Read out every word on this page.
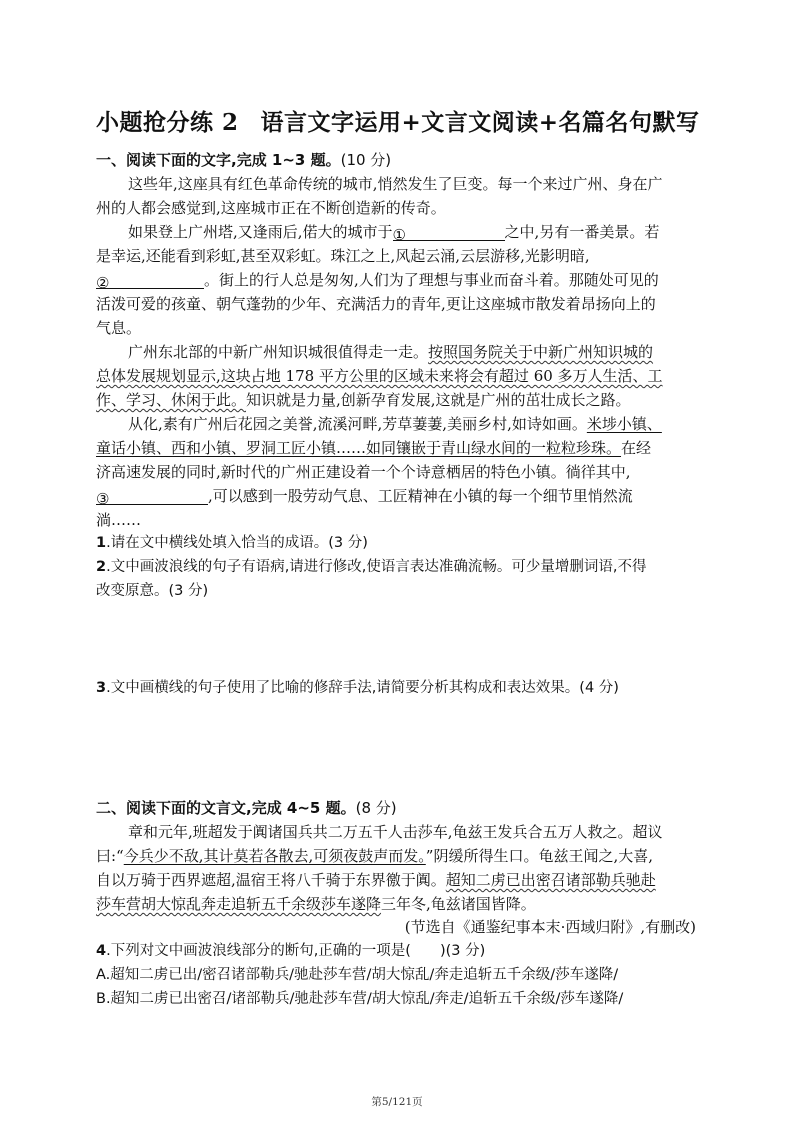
小题抢分练 2 语言文字运用+文言文阅读+名篇名句默写
一、阅读下面的文字,完成 1~3 题。(10 分)
这些年,这座具有红色革命传统的城市,悄然发生了巨变。每一个来过广州、身在广
州的人都会感觉到,这座城市正在不断创造新的传奇。
如果登上广州塔,又逢雨后,偌大的城市于①	之中,另有一番美景。若
是幸运,还能看到彩虹,甚至双彩虹。珠江之上,风起云涌,云层游移,光影明暗,
②	。街上的行人总是匆匆,人们为了理想与事业而奋斗着。那随处可见的
活泼可爱的孩童、朝气蓬勃的少年、充满活力的青年,更让这座城市散发着昂扬向上的
气息。
广州东北部的中新广州知识城很值得走一走。按照国务院关于中新广州知识城的
总体发展规划显示,这块占地 178 平方公里的区域未来将会有超过 60 多万人生活、工
作、学习、休闲于此。知识就是力量,创新孕育发展,这就是广州的茁壮成长之路。
从化,素有广州后花园之美誉,流溪河畔,芳草萋萋,美丽乡村,如诗如画。米埗小镇、
童话小镇、西和小镇、罗洞工匠小镇……如同镶嵌于青山绿水间的一粒粒珍珠。在经
济高速发展的同时,新时代的广州正建设着一个个诗意栖居的特色小镇。徜徉其中,
③	,可以感到一股劳动气息、工匠精神在小镇的每一个细节里悄然流
淌……
1.请在文中横线处填入恰当的成语。(3 分)
2.文中画波浪线的句子有语病,请进行修改,使语言表达准确流畅。可少量增删词语,不得
改变原意。(3 分)
3.文中画横线的句子使用了比喻的修辞手法,请简要分析其构成和表达效果。(4 分)
二、阅读下面的文言文,完成 4~5 题。(8 分)
章和元年,班超发于阗诸国兵共二万五千人击莎车,龟兹王发兵合五万人救之。超议
曰:“今兵少不敌,其计莫若各散去,可须夜鼓声而发。”阴缓所得生口。龟兹王闻之,大喜,
自以万骑于西界遮超,温宿王将八千骑于东界徼于阗。超知二虏已出密召诸部勒兵驰赴
莎车营胡大惊乱奔走追斩五千余级莎车遂降三年冬,龟兹诸国皆降。
(节选自《通鉴纪事本末·西域归附》,有删改)
4.下列对文中画波浪线部分的断句,正确的一项是(　　)(3 分)
A.超知二虏已出/密召诸部勒兵/驰赴莎车营/胡大惊乱/奔走追斩五千余级/莎车遂降/
B.超知二虏已出密召/诸部勒兵/驰赴莎车营/胡大惊乱/奔走/追斩五千余级/莎车遂降/
第5/121页
